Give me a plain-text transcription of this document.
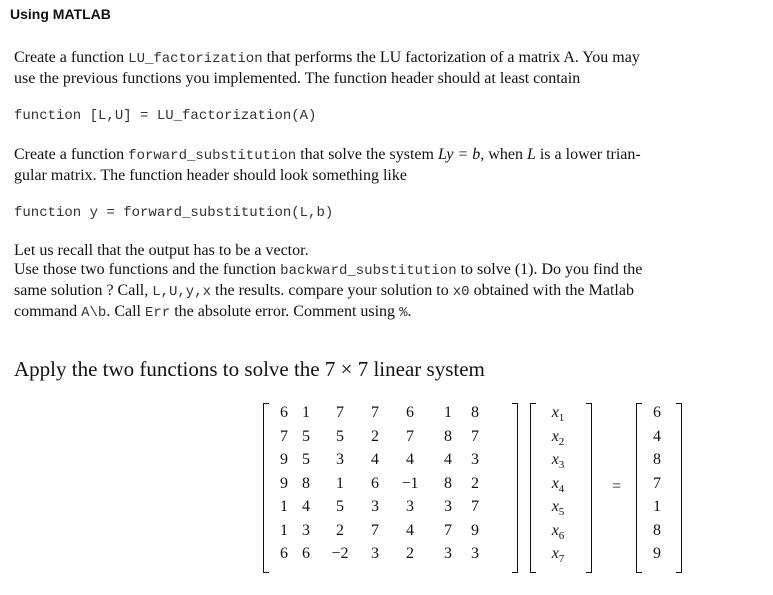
Using MATLAB
Create a function LU_factorization that performs the LU factorization of a matrix A. You may
use the previous functions you implemented. The function header should at least contain
function [L,U] = LU_factorization(A)
Create a function forward_substitution that solve the system Ly = b, when L is a lower trian-
gular matrix. The function header should look something like
function y = forward_substitution(L,b)
Let us recall that the output has to be a vector.
Use those two functions and the function backward_substitution to solve (1). Do you find the
same solution ? Call, L,U,y,x the results. compare your solution to x0 obtained with the Matlab
command A\b. Call Err the absolute error. Comment using %.
Apply the two functions to solve the 7 × 7 linear system
6 1	7	7	6	1	8
7 5	5	2	7	8	7
9 5	3	4	4	4	3
9 8	1	6	−1	8	2
1 4	5	3	3	3	7
1 3	2	7	4	7	9
6 6	−2	3	2	3	3
$x_1$
$x_2$
$x_3$
$x_4$
$x_5$
$x_6$
$x_7$
=
6
4
8
7
1
8
9
